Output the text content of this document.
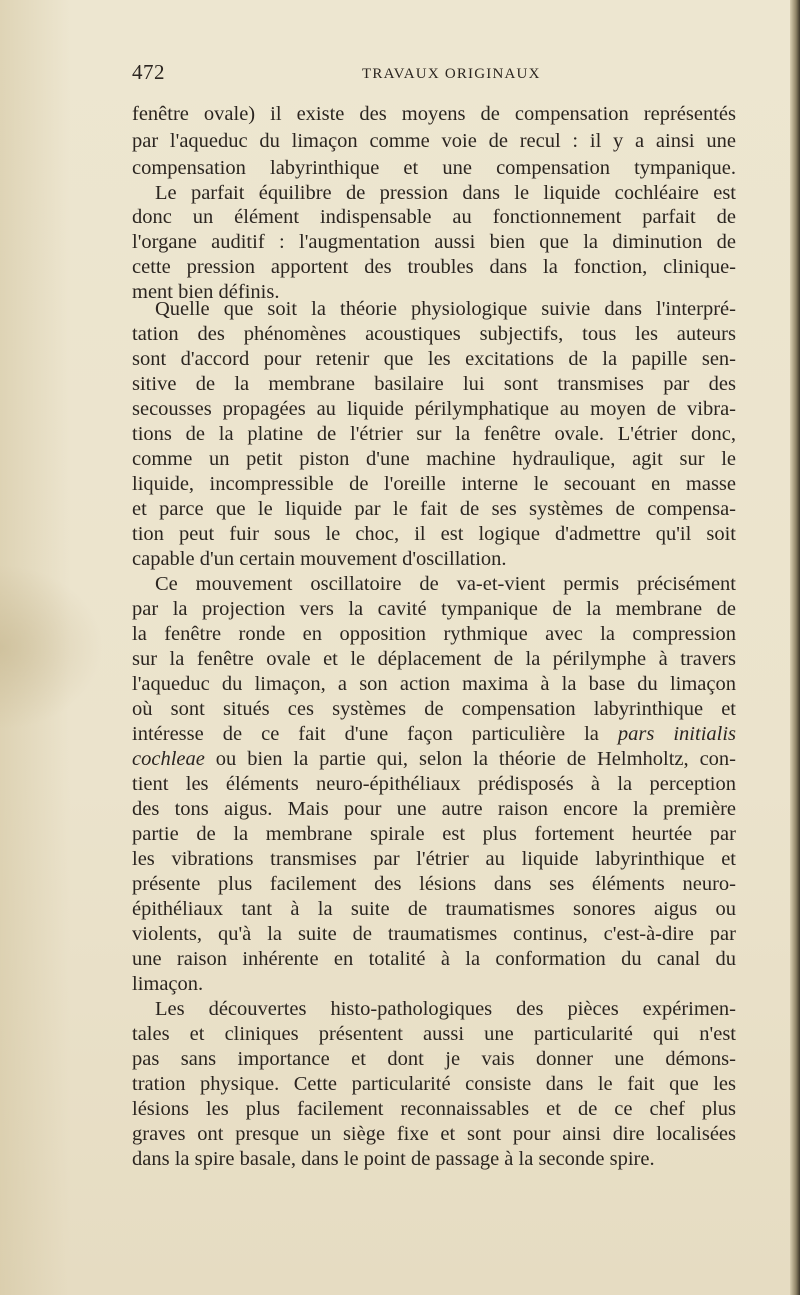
472	TRAVAUX ORIGINAUX
fenêtre ovale) il existe des moyens de compensation représentés
par l'aqueduc du limaçon comme voie de recul : il y a ainsi une
compensation labyrinthique et une compensation tympanique.
Le parfait équilibre de pression dans le liquide cochléaire est
donc un élément indispensable au fonctionnement parfait de
l'organe auditif : l'augmentation aussi bien que la diminution de
cette pression apportent des troubles dans la fonction, clinique-
ment bien définis.
Quelle que soit la théorie physiologique suivie dans l'interpré-
tation des phénomènes acoustiques subjectifs, tous les auteurs
sont d'accord pour retenir que les excitations de la papille sen-
sitive de la membrane basilaire lui sont transmises par des
secousses propagées au liquide périlymphatique au moyen de vibra-
tions de la platine de l'étrier sur la fenêtre ovale. L'étrier donc,
comme un petit piston d'une machine hydraulique, agit sur le
liquide, incompressible de l'oreille interne le secouant en masse
et parce que le liquide par le fait de ses systèmes de compensa-
tion peut fuir sous le choc, il est logique d'admettre qu'il soit
capable d'un certain mouvement d'oscillation.
Ce mouvement oscillatoire de va-et-vient permis précisément
par la projection vers la cavité tympanique de la membrane de
la fenêtre ronde en opposition rythmique avec la compression
sur la fenêtre ovale et le déplacement de la périlymphe à travers
l'aqueduc du limaçon, a son action maxima à la base du limaçon
où sont situés ces systèmes de compensation labyrinthique et
intéresse de ce fait d'une façon particulière la pars initialis
cochleae ou bien la partie qui, selon la théorie de Helmholtz, con-
tient les éléments neuro-épithéliaux prédisposés à la perception
des tons aigus. Mais pour une autre raison encore la première
partie de la membrane spirale est plus fortement heurtée par
les vibrations transmises par l'étrier au liquide labyrinthique et
présente plus facilement des lésions dans ses éléments neuro-
épithéliaux tant à la suite de traumatismes sonores aigus ou
violents, qu'à la suite de traumatismes continus, c'est-à-dire par
une raison inhérente en totalité à la conformation du canal du
limaçon.
Les découvertes histo-pathologiques des pièces expérimen-
tales et cliniques présentent aussi une particularité qui n'est
pas sans importance et dont je vais donner une démons-
tration physique. Cette particularité consiste dans le fait que les
lésions les plus facilement reconnaissables et de ce chef plus
graves ont presque un siège fixe et sont pour ainsi dire localisées
dans la spire basale, dans le point de passage à la seconde spire.
